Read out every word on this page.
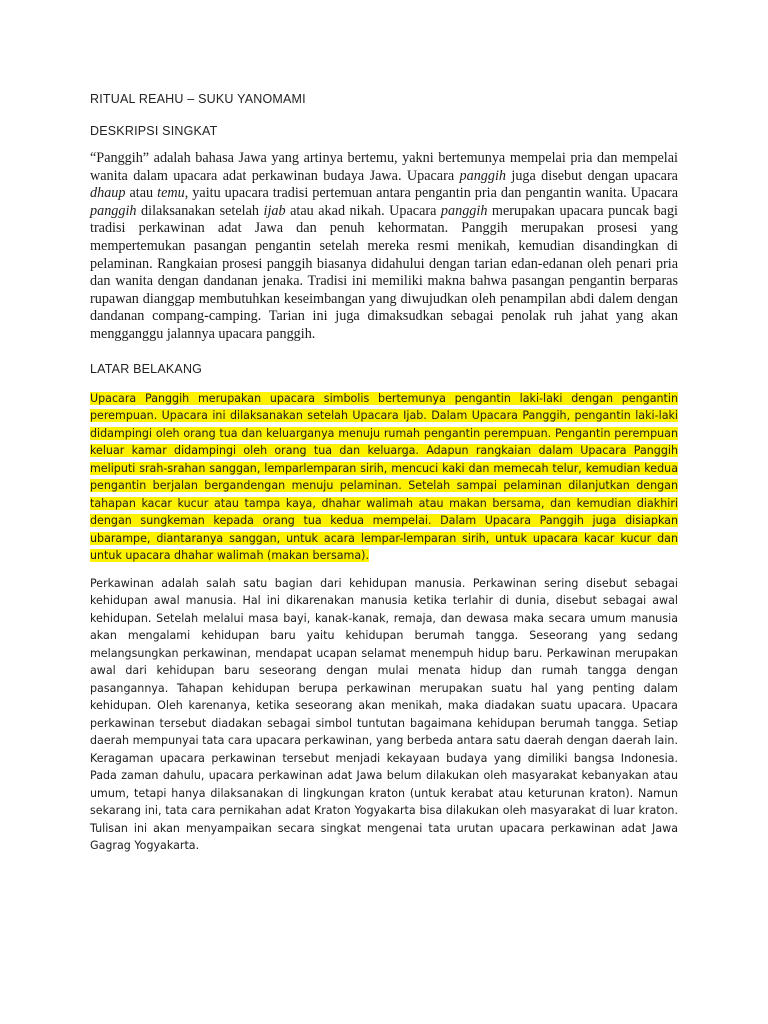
RITUAL REAHU – SUKU YANOMAMI

DESKRIPSI SINGKAT

“Panggih” adalah bahasa Jawa yang artinya bertemu, yakni bertemunya mempelai pria dan mempelai wanita dalam upacara adat perkawinan budaya Jawa. Upacara panggih juga disebut dengan upacara dhaup atau temu, yaitu upacara tradisi pertemuan antara pengantin pria dan pengantin wanita. Upacara panggih dilaksanakan setelah ijab atau akad nikah. Upacara panggih merupakan upacara puncak bagi tradisi perkawinan adat Jawa dan penuh kehormatan. Panggih merupakan prosesi yang mempertemukan pasangan pengantin setelah mereka resmi menikah, kemudian disandingkan di pelaminan. Rangkaian prosesi panggih biasanya didahului dengan tarian edan-edanan oleh penari pria dan wanita dengan dandanan jenaka. Tradisi ini memiliki makna bahwa pasangan pengantin berparas rupawan dianggap membutuhkan keseimbangan yang diwujudkan oleh penampilan abdi dalem dengan dandanan compang-camping. Tarian ini juga dimaksudkan sebagai penolak ruh jahat yang akan mengganggu jalannya upacara panggih.

LATAR BELAKANG

Upacara Panggih merupakan upacara simbolis bertemunya pengantin laki-laki dengan pengantin perempuan. Upacara ini dilaksanakan setelah Upacara Ijab. Dalam Upacara Panggih, pengantin laki-laki didampingi oleh orang tua dan keluarganya menuju rumah pengantin perempuan. Pengantin perempuan keluar kamar didampingi oleh orang tua dan keluarga. Adapun rangkaian dalam Upacara Panggih meliputi srah-srahan sanggan, lemparlemparan sirih, mencuci kaki dan memecah telur, kemudian kedua pengantin berjalan bergandengan menuju pelaminan. Setelah sampai pelaminan dilanjutkan dengan tahapan kacar kucur atau tampa kaya, dhahar walimah atau makan bersama, dan kemudian diakhiri dengan sungkeman kepada orang tua kedua mempelai. Dalam Upacara Panggih juga disiapkan ubarampe, diantaranya sanggan, untuk acara lempar-lemparan sirih, untuk upacara kacar kucur dan untuk upacara dhahar walimah (makan bersama).

Perkawinan adalah salah satu bagian dari kehidupan manusia. Perkawinan sering disebut sebagai kehidupan awal manusia. Hal ini dikarenakan manusia ketika terlahir di dunia, disebut sebagai awal kehidupan. Setelah melalui masa bayi, kanak-kanak, remaja, dan dewasa maka secara umum manusia akan mengalami kehidupan baru yaitu kehidupan berumah tangga. Seseorang yang sedang melangsungkan perkawinan, mendapat ucapan selamat menempuh hidup baru. Perkawinan merupakan awal dari kehidupan baru seseorang dengan mulai menata hidup dan rumah tangga dengan pasangannya. Tahapan kehidupan berupa perkawinan merupakan suatu hal yang penting dalam kehidupan. Oleh karenanya, ketika seseorang akan menikah, maka diadakan suatu upacara. Upacara perkawinan tersebut diadakan sebagai simbol tuntutan bagaimana kehidupan berumah tangga. Setiap daerah mempunyai tata cara upacara perkawinan, yang berbeda antara satu daerah dengan daerah lain. Keragaman upacara perkawinan tersebut menjadi kekayaan budaya yang dimiliki bangsa Indonesia. Pada zaman dahulu, upacara perkawinan adat Jawa belum dilakukan oleh masyarakat kebanyakan atau umum, tetapi hanya dilaksanakan di lingkungan kraton (untuk kerabat atau keturunan kraton). Namun sekarang ini, tata cara pernikahan adat Kraton Yogyakarta bisa dilakukan oleh masyarakat di luar kraton. Tulisan ini akan menyampaikan secara singkat mengenai tata urutan upacara perkawinan adat Jawa Gagrag Yogyakarta.
